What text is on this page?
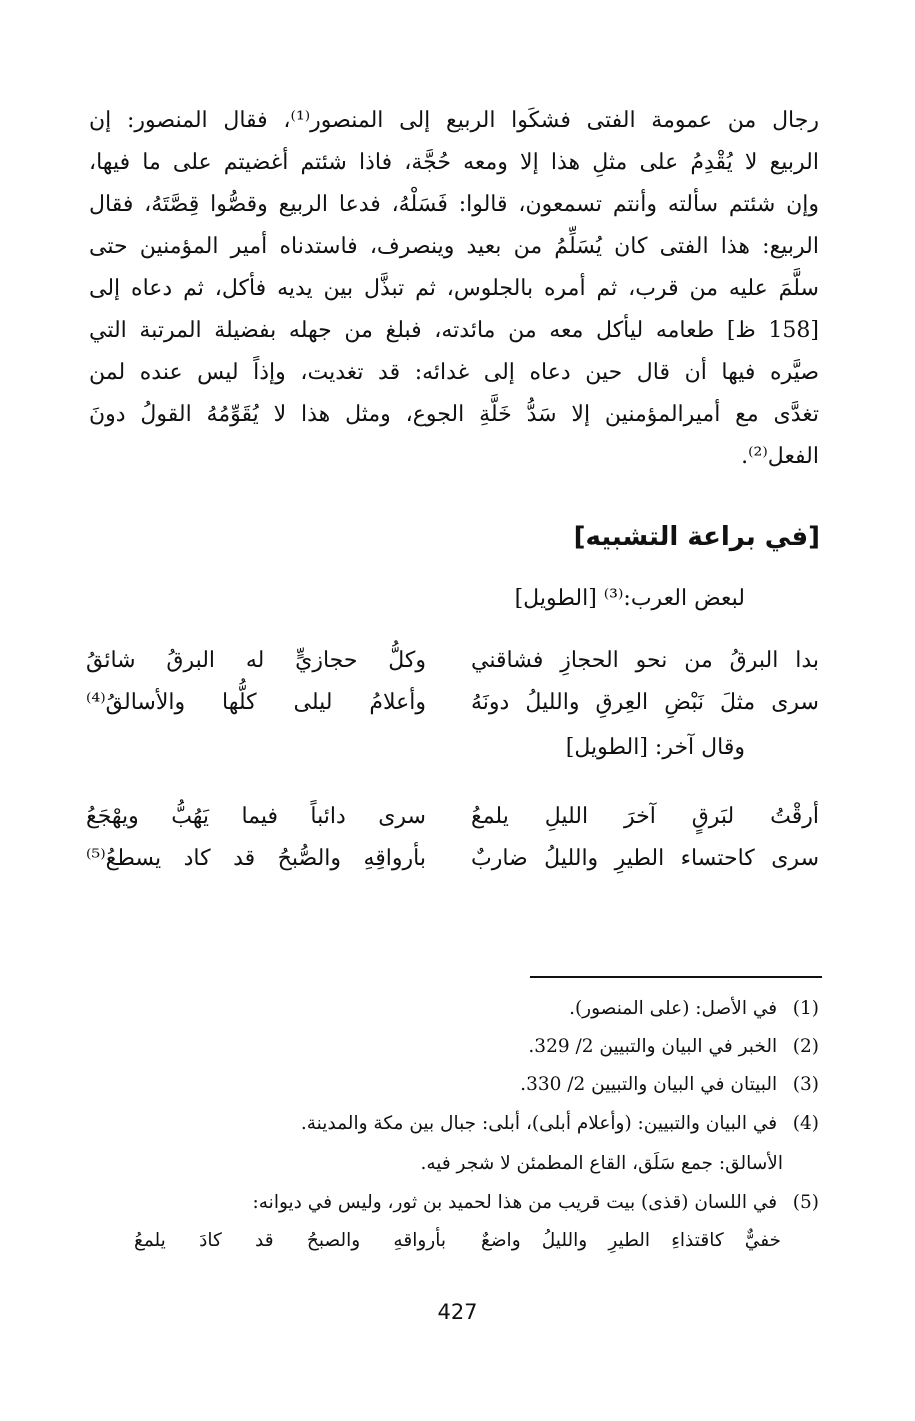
رجال من عمومة الفتى فشكَوا الربيع إلى المنصور⁽¹⁾، فقال المنصور: إن
الربيع لا يُقْدِمُ على مثلِ هذا إلا ومعه حُجَّة، فاذا شئتم أغضيتم على ما فيها،
وإن شئتم سألته وأنتم تسمعون، قالوا: فَسَلْهُ، فدعا الربيع وقصُّوا قِصَّتَهُ، فقال
الربيع: هذا الفتى كان يُسَلِّمُ من بعيد وينصرف، فاستدناه أمير المؤمنين حتى
سلَّمَ عليه من قرب، ثم أمره بالجلوس، ثم تبذَّل بين يديه فأكل، ثم دعاه إلى
[158 ظ] طعامه ليأكل معه من مائدته، فبلغ من جهله بفضيلة المرتبة التي
صيَّره فيها أن قال حين دعاه إلى غدائه: قد تغديت، وإذاً ليس عنده لمن
تغدَّى مع أميرالمؤمنين إلا سَدُّ خَلَّةِ الجوع، ومثل هذا لا يُقَوِّمُهُ القولُ دونَ
الفعل⁽²⁾.
[في براعة التشبيه]
لبعض العرب:⁽³⁾ [الطويل]
بدا البرقُ من نحو الحجازِ فشاقني
وكلُّ حجازيٍّ له البرقُ شائقُ
سرى مثلَ نَبْضِ العِرقِ والليلُ دونَهُ
وأعلامُ ليلى كلُّها والأسالقُ⁽⁴⁾
وقال آخر: [الطويل]
أرقْتُ لبَرقٍ آخرَ الليلِ يلمعُ
سرى دائباً فيما يَهُبُّ ويهْجَعُ
سرى كاحتساء الطيرِ والليلُ ضاربٌ
بأرواقِهِ والصُّبحُ قد كاد يسطعُ⁽⁵⁾
(1) في الأصل: (على المنصور).
(2) الخبر في البيان والتبيين 2/ 329.
(3) البيتان في البيان والتبيين 2/ 330.
(4) في البيان والتبيين: (وأعلام أبلى)، أبلى: جبال بين مكة والمدينة.
الأسالق: جمع سَلَق، القاع المطمئن لا شجر فيه.
(5) في اللسان (قذى) بيت قريب من هذا لحميد بن ثور، وليس في ديوانه:
خفيٌّ كاقتذاءِ الطيرِ والليلُ واضعٌ
بأرواقهِ والصبحُ قد كادَ يلمعُ
427
